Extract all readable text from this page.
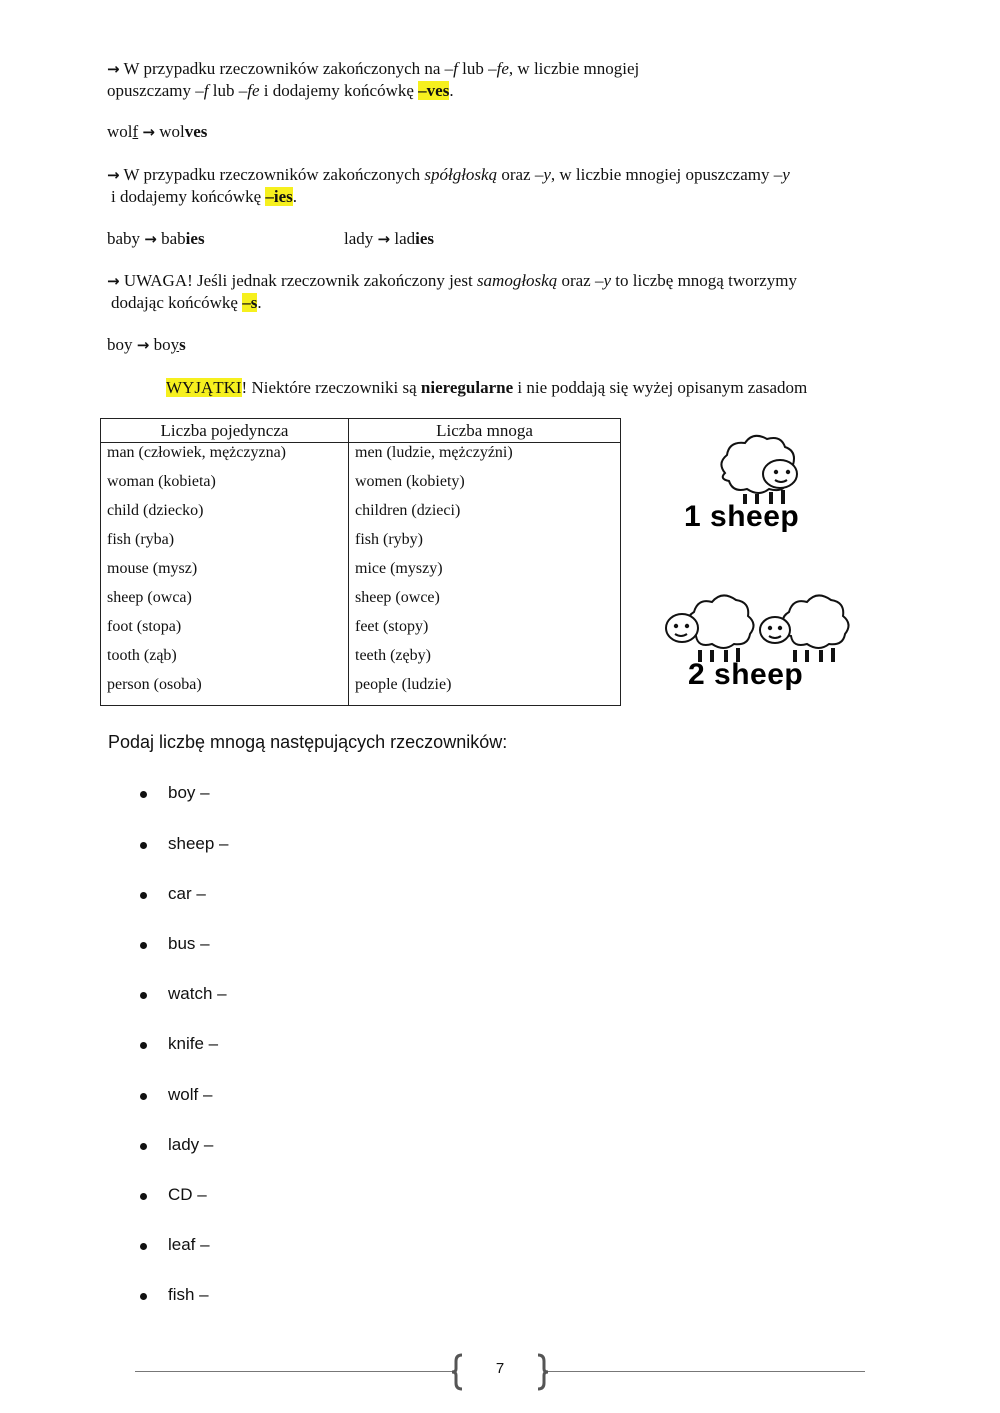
→ W przypadku rzeczowników zakończonych na –f lub –fe, w liczbie mnogiej
opuszczamy –f lub –fe i dodajemy końcówkę –ves.
wolf → wolves
→ W przypadku rzeczowników zakończonych spółgłoską oraz –y, w liczbie mnogiej opuszczamy –y
i dodajemy końcówkę –ies.
baby → babies	lady → ladies
→ UWAGA! Jeśli jednak rzeczownik zakończony jest samogłoską oraz –y to liczbę mnogą tworzymy
dodając końcówkę –s.
boy → boys
WYJĄTKI! Niektóre rzeczowniki są nieregularne i nie poddają się wyżej opisanym zasadom
Liczba pojedyncza	Liczba mnoga
man (człowiek, mężczyzna)	men (ludzie, mężczyźni)
woman (kobieta)	women (kobiety)
child (dziecko)	children (dzieci)
fish (ryba)	fish (ryby)
mouse (mysz)	mice (myszy)
sheep (owca)	sheep (owce)
foot (stopa)	feet (stopy)
tooth (ząb)	teeth (zęby)
person (osoba)	people (ludzie)
1 sheep
2 sheep
Podaj liczbę mnogą następujących rzeczowników:
boy –
sheep –
car –
bus –
watch –
knife –
wolf –
lady –
CD –
leaf –
fish –
7
